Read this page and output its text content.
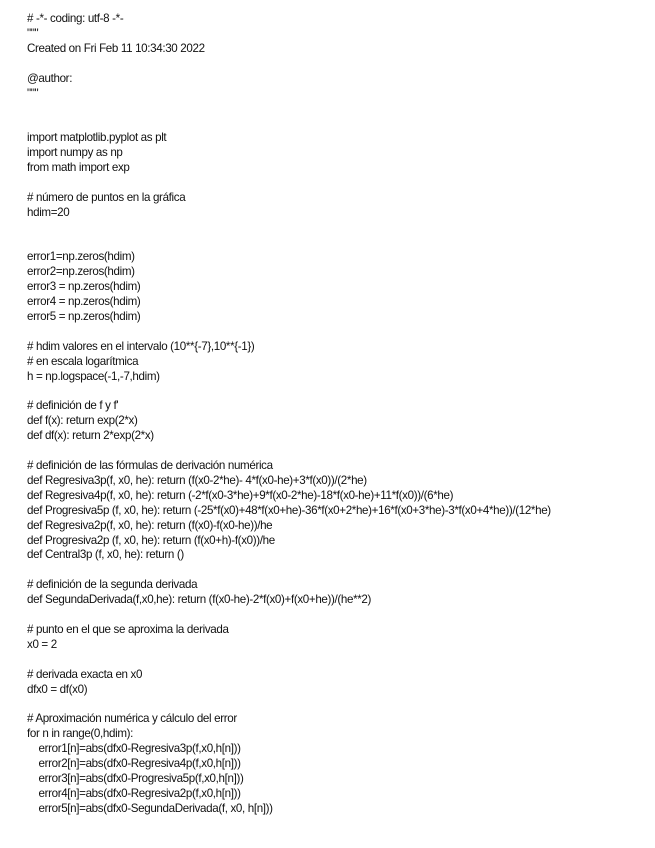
# -*- coding: utf-8 -*-
"""
Created on Fri Feb 11 10:34:30 2022
@author:
"""
import matplotlib.pyplot as plt
import numpy as np
from math import exp
# número de puntos en la gráfica
hdim=20
error1=np.zeros(hdim)
error2=np.zeros(hdim)
error3 = np.zeros(hdim)
error4 = np.zeros(hdim)
error5 = np.zeros(hdim)
# hdim valores en el intervalo (10**{-7},10**{-1})
# en escala logarítmica
h = np.logspace(-1,-7,hdim)
# definición de f y f'
def f(x): return exp(2*x)
def df(x): return 2*exp(2*x)
# definición de las fórmulas de derivación numérica
def Regresiva3p(f, x0, he): return (f(x0-2*he)- 4*f(x0-he)+3*f(x0))/(2*he)
def Regresiva4p(f, x0, he): return (-2*f(x0-3*he)+9*f(x0-2*he)-18*f(x0-he)+11*f(x0))/(6*he)
def Progresiva5p (f, x0, he): return (-25*f(x0)+48*f(x0+he)-36*f(x0+2*he)+16*f(x0+3*he)-3*f(x0+4*he))/(12*he)
def Regresiva2p(f, x0, he): return (f(x0)-f(x0-he))/he
def Progresiva2p (f, x0, he): return (f(x0+h)-f(x0))/he
def Central3p (f, x0, he): return ()
# definición de la segunda derivada
def SegundaDerivada(f,x0,he): return (f(x0-he)-2*f(x0)+f(x0+he))/(he**2)
# punto en el que se aproxima la derivada
x0 = 2
# derivada exacta en x0
dfx0 = df(x0)
# Aproximación numérica y cálculo del error
for n in range(0,hdim):
error1[n]=abs(dfx0-Regresiva3p(f,x0,h[n]))
error2[n]=abs(dfx0-Regresiva4p(f,x0,h[n]))
error3[n]=abs(dfx0-Progresiva5p(f,x0,h[n]))
error4[n]=abs(dfx0-Regresiva2p(f,x0,h[n]))
error5[n]=abs(dfx0-SegundaDerivada(f, x0, h[n]))
